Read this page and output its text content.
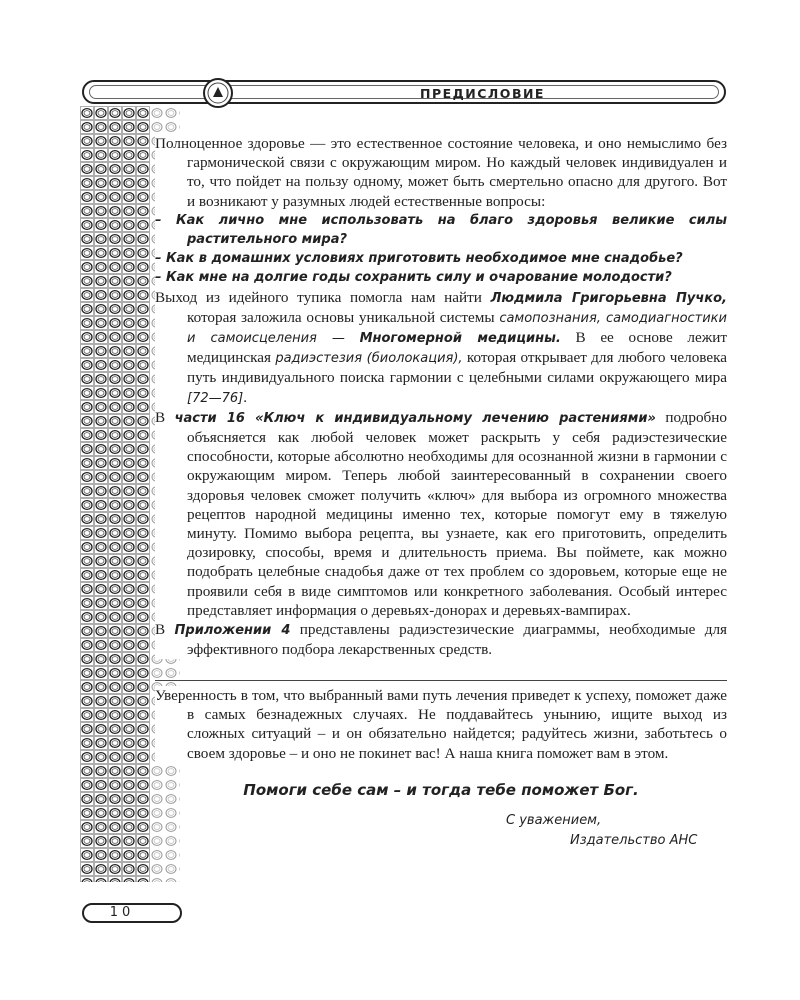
ПРЕДИСЛОВИЕ

Полноценное здоровье — это естественное состояние человека, и оно немыслимо без гармонической связи с окружающим миром. Но каждый человек индивидуален и то, что пойдет на пользу одному, может быть смертельно опасно для другого. Вот и возникают у разумных людей естественные вопросы:

– Как лично мне использовать на благо здоровья великие силы растительного мира?

– Как в домашних условиях приготовить необходимое мне снадобье?

– Как мне на долгие годы сохранить силу и очарование молодости?

Выход из идейного тупика помогла нам найти Людмила Григорьевна Пучко, которая заложила основы уникальной системы самопознания, самодиагностики и самоисцеления — Многомерной медицины. В ее основе лежит медицинская радиэстезия (биолокация), которая открывает для любого человека путь индивидуального поиска гармонии с целебными силами окружающего мира [72—76].

В части 16 «Ключ к индивидуальному лечению растениями» подробно объясняется как любой человек может раскрыть у себя радиэстезические способности, которые абсолютно необходимы для осознанной жизни в гармонии с окружающим миром. Теперь любой заинтересованный в сохранении своего здоровья человек сможет получить «ключ» для выбора из огромного множества рецептов народной медицины именно тех, которые помогут ему в тяжелую минуту. Помимо выбора рецепта, вы узнаете, как его приготовить, определить дозировку, способы, время и длительность приема. Вы поймете, как можно подобрать целебные снадобья даже от тех проблем со здоровьем, которые еще не проявили себя в виде симптомов или конкретного заболевания. Особый интерес представляет информация о деревьях-донорах и деревьях-вампирах.

В Приложении 4 представлены радиэстезические диаграммы, необходимые для эффективного подбора лекарственных средств.

Уверенность в том, что выбранный вами путь лечения приведет к успеху, поможет даже в самых безнадежных случаях. Не поддавайтесь унынию, ищите выход из сложных ситуаций – и он обязательно найдется; радуйтесь жизни, заботьтесь о своем здоровье – и оно не покинет вас! А наша книга поможет вам в этом.

Помоги себе сам – и тогда тебе поможет Бог.
С уважением,
Издательство АНС
10
